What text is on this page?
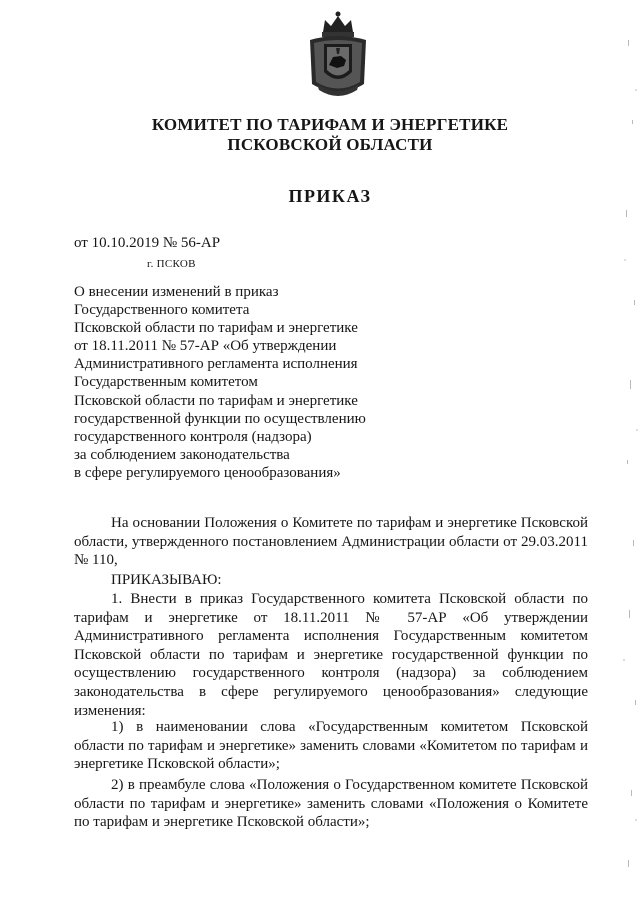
КОМИТЕТ ПО ТАРИФАМ И ЭНЕРГЕТИКЕ
ПСКОВСКОЙ ОБЛАСТИ
ПРИКАЗ
от 10.10.2019 № 56-АР
г. ПСКОВ
О внесении изменений в приказ
Государственного комитета
Псковской области по тарифам и энергетике
от 18.11.2011 № 57-АР «Об утверждении
Административного регламента исполнения
Государственным комитетом
Псковской области по тарифам и энергетике
государственной функции по осуществлению
государственного контроля (надзора)
за соблюдением законодательства
в сфере регулируемого ценообразования»

На основании Положения о Комитете по тарифам и энергетике Псковской области, утвержденного постановлением Администрации области от 29.03.2011 № 110,

ПРИКАЗЫВАЮ:

1. Внести в приказ Государственного комитета Псковской области по тарифам и энергетике от 18.11.2011 № 57-АР «Об утверждении Административного регламента исполнения Государственным комитетом Псковской области по тарифам и энергетике государственной функции по осуществлению государственного контроля (надзора) за соблюдением законодательства в сфере регулируемого ценообразования» следующие изменения:

1) в наименовании слова «Государственным комитетом Псковской области по тарифам и энергетике» заменить словами «Комитетом по тарифам и энергетике Псковской области»;

2) в преамбуле слова «Положения о Государственном комитете Псковской области по тарифам и энергетике» заменить словами «Положения о Комитете по тарифам и энергетике Псковской области»;
